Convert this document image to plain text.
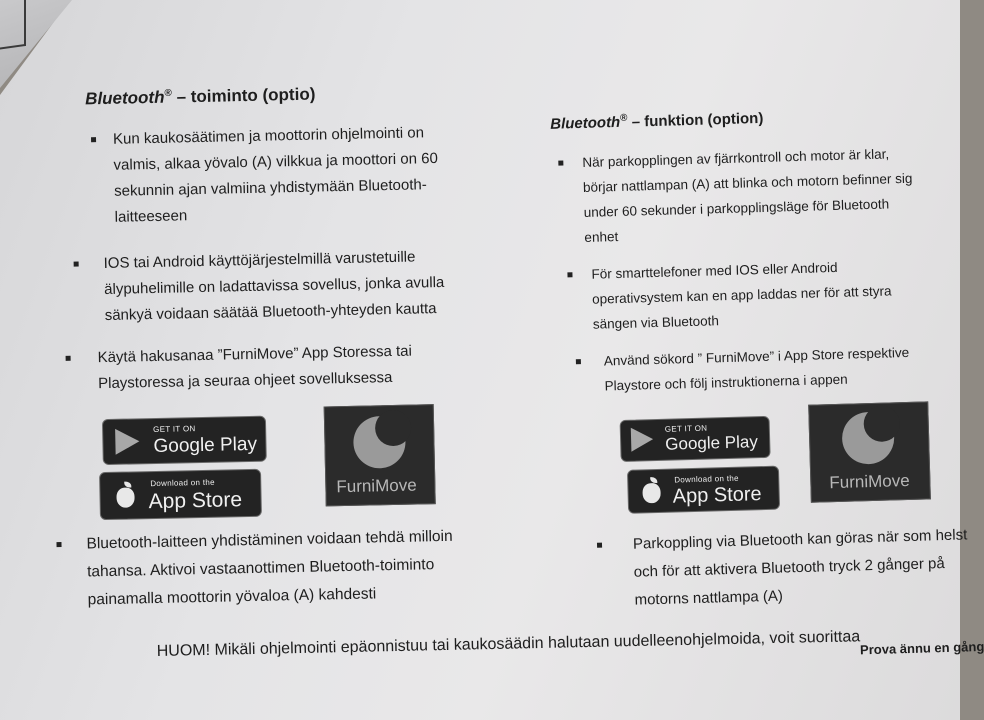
Bluetooth® – toiminto (optio)
Kun kaukosäätimen ja moottorin ohjelmointi on valmis, alkaa yövalo (A) vilkkua ja moottori on 60 sekunnin ajan valmiina yhdistymään Bluetooth-laitteeseen
IOS tai Android käyttöjärjestelmillä varustetuille älypuhelimille on ladattavissa sovellus, jonka avulla sänkyä voidaan säätää Bluetooth-yhteyden kautta
Käytä hakusanaa ”FurniMove” App Storessa tai Playstoressa ja seuraa ohjeet sovelluksessa
GET IT ON
Google Play
Download on the
App Store
FurniMove
Bluetooth-laitteen yhdistäminen voidaan tehdä milloin tahansa. Aktivoi vastaanottimen Bluetooth-toiminto painamalla moottorin yövaloa (A) kahdesti
HUOM! Mikäli ohjelmointi epäonnistuu tai kaukosäädin halutaan uudelleenohjelmoida, voit suorittaa
Bluetooth® – funktion (option)
När parkopplingen av fjärrkontroll och motor är klar, börjar nattlampan (A) att blinka och motorn befinner sig under 60 sekunder i parkopplingsläge för Bluetooth enhet
För smarttelefoner med IOS eller Android operativsystem kan en app laddas ner för att styra sängen via Bluetooth
Använd sökord ” FurniMove” i App Store respektive Playstore och följ instruktionerna i appen
GET IT ON
Google Play
Download on the
App Store
FurniMove
Parkoppling via Bluetooth kan göras när som helst och för att aktivera Bluetooth tryck 2 gånger på motorns nattlampa (A)
Prova ännu en gång
